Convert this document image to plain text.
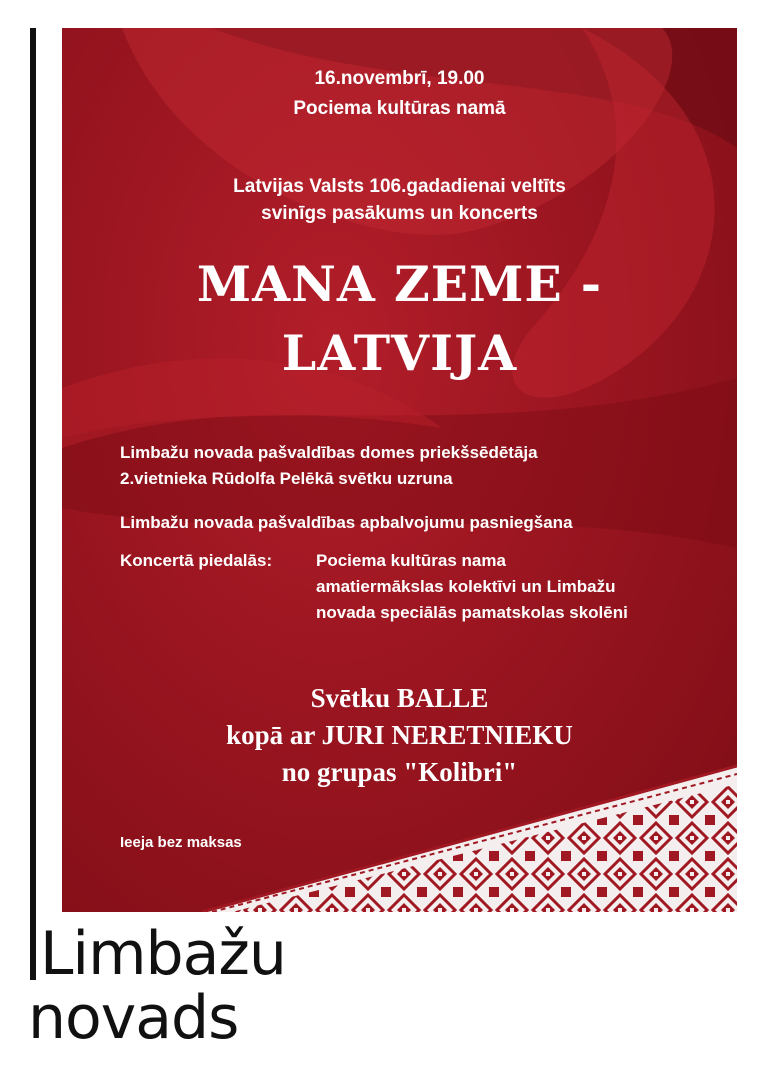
16.novembrī, 19.00
Pociema kultūras namā
Latvijas Valsts 106.gadadienai veltīts
svinīgs pasākums un koncerts
MANA ZEME -
LATVIJA
Limbažu novada pašvaldības domes priekšsēdētāja
2.vietnieka Rūdolfa Pelēkā svētku uzruna
Limbažu novada pašvaldības apbalvojumu pasniegšana
Koncertā piedalās:	Pociema kultūras nama
amatiermākslas kolektīvi un Limbažu
novada speciālās pamatskolas skolēni
Svētku BALLE
kopā ar JURI NERETNIEKU
no grupas "Kolibri"
Ieeja bez maksas
Limbažu
novads
